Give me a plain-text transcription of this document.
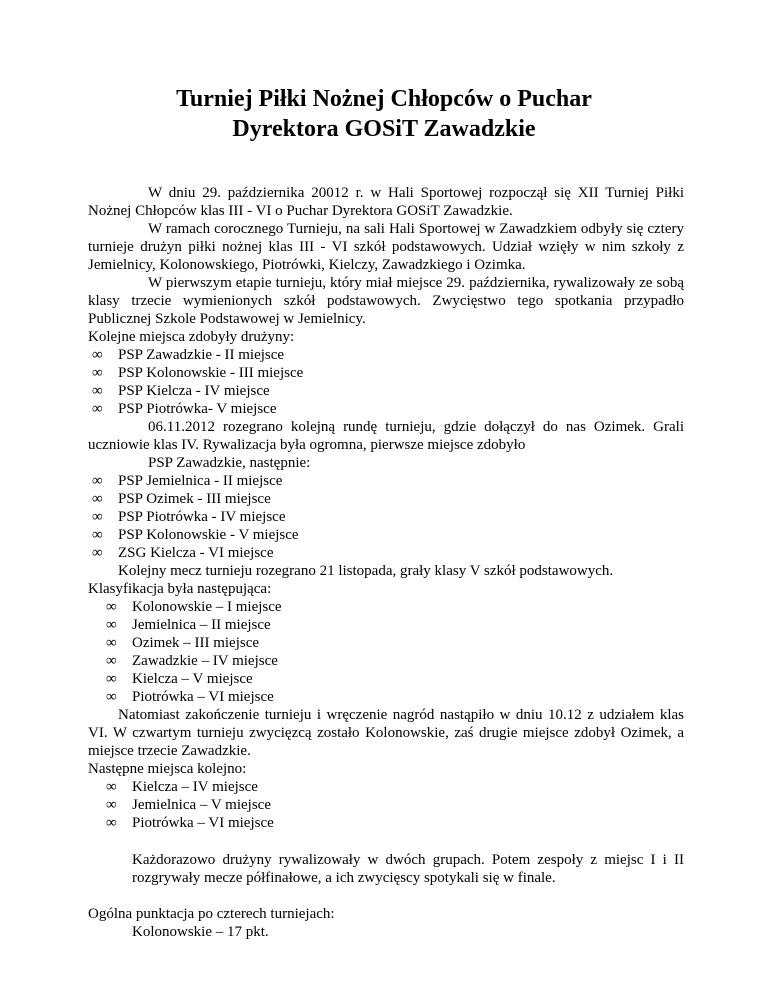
Turniej Piłki Nożnej Chłopców o Puchar
Dyrektora GOSiT Zawadzkie

W dniu 29. października 20012 r. w Hali Sportowej rozpoczął się XII Turniej Piłki Nożnej Chłopców klas III - VI o Puchar Dyrektora GOSiT Zawadzkie.

W ramach corocznego Turnieju, na sali Hali Sportowej w Zawadzkiem odbyły się cztery turnieje drużyn piłki nożnej klas III - VI szkół podstawowych. Udział wzięły w nim szkoły z Jemielnicy, Kolonowskiego, Piotrówki, Kielczy, Zawadzkiego i Ozimka.

W pierwszym etapie turnieju, który miał miejsce 29. października, rywalizowały ze sobą klasy trzecie wymienionych szkół podstawowych. Zwycięstwo tego spotkania przypadło Publicznej Szkole Podstawowej w Jemielnicy.

Kolejne miejsca zdobyły drużyny:

∞	PSP Zawadzkie - II miejsce
∞	PSP Kolonowskie - III miejsce
∞	PSP Kielcza - IV miejsce
∞	PSP Piotrówka- V miejsce

06.11.2012 rozegrano kolejną rundę turnieju, gdzie dołączył do nas Ozimek. Grali uczniowie klas IV. Rywalizacja była ogromna, pierwsze miejsce zdobyło
PSP Zawadzkie, następnie:

∞	PSP Jemielnica - II miejsce
∞	PSP Ozimek - III miejsce
∞	PSP Piotrówka - IV miejsce
∞	PSP Kolonowskie - V miejsce
∞	ZSG Kielcza - VI miejsce

Kolejny mecz turnieju rozegrano 21 listopada, grały klasy V szkół podstawowych.

Klasyfikacja była następująca:

∞	Kolonowskie – I miejsce
∞	Jemielnica – II miejsce
∞	Ozimek – III miejsce
∞	Zawadzkie – IV miejsce
∞	Kielcza – V miejsce
∞	Piotrówka – VI miejsce

Natomiast zakończenie turnieju i wręczenie nagród nastąpiło w dniu 10.12 z udziałem klas VI. W czwartym turnieju zwycięzcą zostało Kolonowskie, zaś drugie miejsce zdobył Ozimek, a miejsce trzecie Zawadzkie.

Następne miejsca kolejno:

∞	Kielcza – IV miejsce
∞	Jemielnica – V miejsce
∞	Piotrówka – VI miejsce

Każdorazowo drużyny rywalizowały w dwóch grupach. Potem zespoły z miejsc I i II rozgrywały mecze półfinałowe, a ich zwycięscy spotykali się w finale.

Ogólna punktacja po czterech turniejach:

Kolonowskie – 17 pkt.
